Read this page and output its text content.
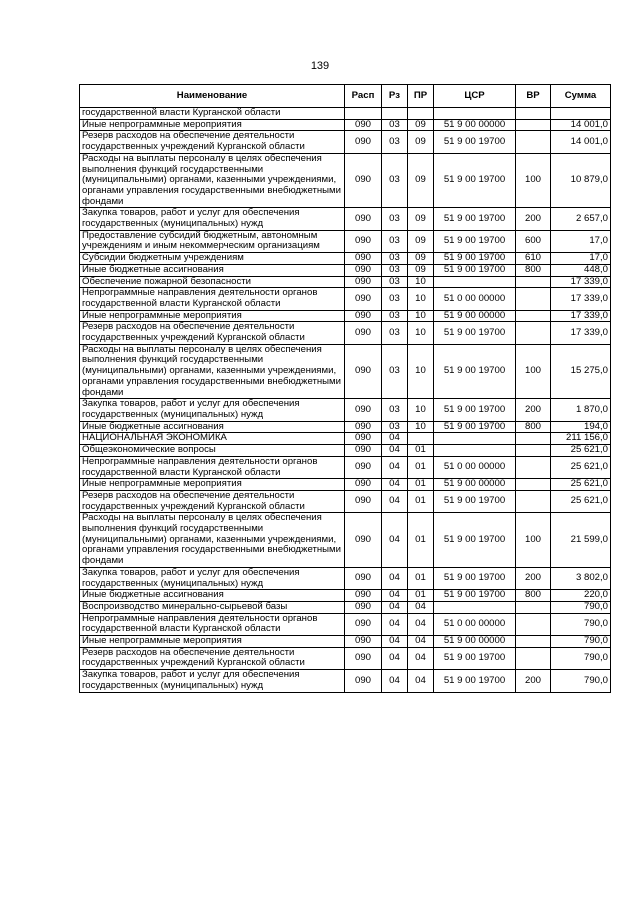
139
Наименование	Расп	Рз	ПР	ЦСР	ВР	Сумма
государственной власти Курганской области						
Иные непрограммные мероприятия	090	03	09	51 9 00 00000		14 001,0
Резерв расходов на обеспечение деятельности государственных учреждений Курганской области	090	03	09	51 9 00 19700		14 001,0
Расходы на выплаты персоналу в целях обеспечения выполнения функций государственными (муниципальными) органами, казенными учреждениями, органами управления государственными внебюджетными фондами	090	03	09	51 9 00 19700	100	10 879,0
Закупка товаров, работ и услуг для обеспечения государственных (муниципальных) нужд	090	03	09	51 9 00 19700	200	2 657,0
Предоставление субсидий бюджетным, автономным учреждениям и иным некоммерческим организациям	090	03	09	51 9 00 19700	600	17,0
Субсидии бюджетным учреждениям	090	03	09	51 9 00 19700	610	17,0
Иные бюджетные ассигнования	090	03	09	51 9 00 19700	800	448,0
Обеспечение пожарной безопасности	090	03	10			17 339,0
Непрограммные направления деятельности органов государственной власти Курганской области	090	03	10	51 0 00 00000		17 339,0
Иные непрограммные мероприятия	090	03	10	51 9 00 00000		17 339,0
Резерв расходов на обеспечение деятельности государственных учреждений Курганской области	090	03	10	51 9 00 19700		17 339,0
Расходы на выплаты персоналу в целях обеспечения выполнения функций государственными (муниципальными) органами, казенными учреждениями, органами управления государственными внебюджетными фондами	090	03	10	51 9 00 19700	100	15 275,0
Закупка товаров, работ и услуг для обеспечения государственных (муниципальных) нужд	090	03	10	51 9 00 19700	200	1 870,0
Иные бюджетные ассигнования	090	03	10	51 9 00 19700	800	194,0
НАЦИОНАЛЬНАЯ ЭКОНОМИКА	090	04				211 156,0
Общеэкономические вопросы	090	04	01			25 621,0
Непрограммные направления деятельности органов государственной власти Курганской области	090	04	01	51 0 00 00000		25 621,0
Иные непрограммные мероприятия	090	04	01	51 9 00 00000		25 621,0
Резерв расходов на обеспечение деятельности государственных учреждений Курганской области	090	04	01	51 9 00 19700		25 621,0
Расходы на выплаты персоналу в целях обеспечения выполнения функций государственными (муниципальными) органами, казенными учреждениями, органами управления государственными внебюджетными фондами	090	04	01	51 9 00 19700	100	21 599,0
Закупка товаров, работ и услуг для обеспечения государственных (муниципальных) нужд	090	04	01	51 9 00 19700	200	3 802,0
Иные бюджетные ассигнования	090	04	01	51 9 00 19700	800	220,0
Воспроизводство минерально-сырьевой базы	090	04	04			790,0
Непрограммные направления деятельности органов государственной власти Курганской области	090	04	04	51 0 00 00000		790,0
Иные непрограммные мероприятия	090	04	04	51 9 00 00000		790,0
Резерв расходов на обеспечение деятельности государственных учреждений Курганской области	090	04	04	51 9 00 19700		790,0
Закупка товаров, работ и услуг для обеспечения государственных (муниципальных) нужд	090	04	04	51 9 00 19700	200	790,0
